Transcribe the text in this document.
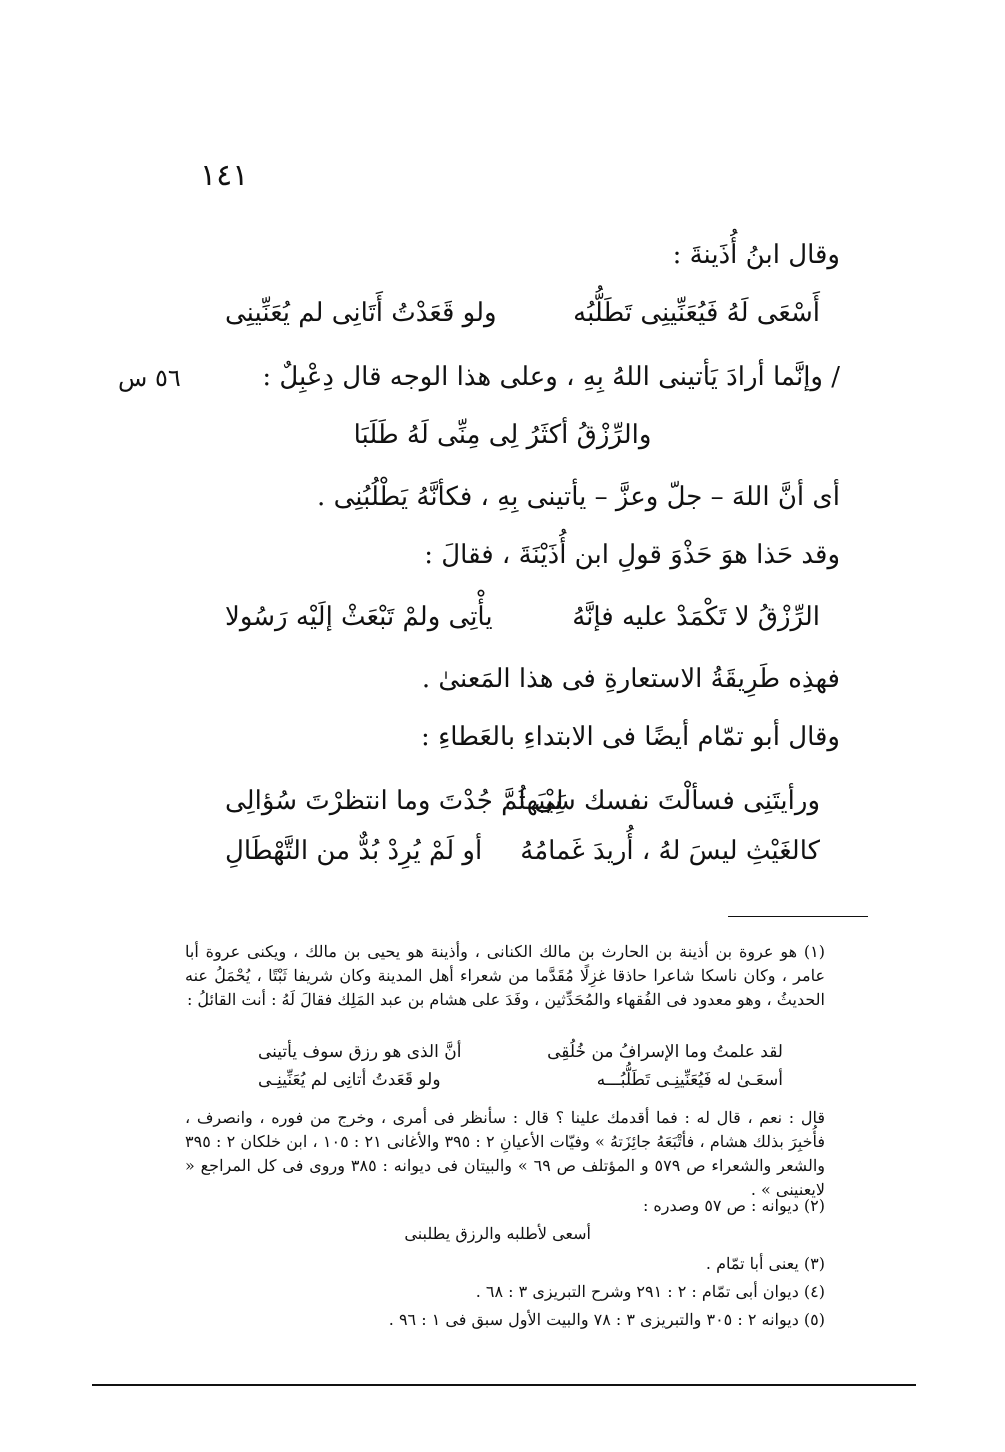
١٤١
٥٦ س
وقال ابنُ أُذَينةَ :
أَسْعَى لَهُ فَيُعَنِّينِى تَطَلُّبُه
ولو قَعَدْتُ أَتَانِى لم يُعَنِّينِى
/ وإنَّما أرادَ يَأتينى اللهُ بِهِ ، وعلى هذا الوجه قال دِعْبِلٌ :
والرِّزْقُ أكثَرُ لِى مِنِّى لَهُ طَلَبَا
أى أنَّ اللهَ – جلّ وعزَّ – يأتينى بِهِ ، فكأنَّهُ يَطْلُبُنِى .
وقد حَذا هوَ حَذْوَ قولِ ابن أُذَيْنَةَ ، فقالَ :
الرِّزْقُ لا تَكْمَدْ عليه فإنَّهُ
يأْتِى ولمْ تَبْعَثْ إلَيْه رَسُولا
فهذِه طَرِيقَةُ الاستعارةِ فى هذا المَعنىٰ .
وقال أبو تمّام أيضًا فى الابتداءِ بالعَطاءِ :
ورأيتَنِى فسألْتَ نفسك سَيْبَها
لِى ثُمَّ جُدْتَ وما انتظرْتَ سُؤالِى
كالغَيْثِ ليسَ لهُ ، أُريدَ غَمامُهُ
أو لَمْ يُرِدْ بُدٌّ من التَّهْطَالِ
(١) هو عروة بن أذينة بن الحارث بن مالك الكنانى ، وأذينة هو يحيى بن مالك ، ويكنى عروة أبا عامر ، وكان ناسكا شاعرا حاذقا غزِلًا مُقَدَّما من شعراء أهل المدينة وكان شريفا ثَبْتًا ، يُحْمَلُ عنه الحديثُ ، وهو معدود فى الفُقهاء والمُحَدِّثين ، وفَدَ على هشام بن عبد المَلِك فقالَ لَهُ : أنت القائلُ :
لقد علمتُ وما الإسرافُ من خُلُقِى
أنَّ الذى هو رزق سوف يأتينى
أسعَـىٰ له فَيُعَنِّينِـى تَطَلُّبُـــه
ولو قَعَدتُ أتانِى لم يُعَنِّينِـى
قال : نعم ، قال له : فما أقدمك علينا ؟ قال : سأنظر فى أمرى ، وخرج من فوره ، وانصرف ، فأُخبِرَ بذلك هشام ، فأتْبَعَهُ جائِزَتهُ » وفيّات الأعيانِ ٢ : ٣٩٥ والأغانى ٢١ : ١٠٥ ، ابن خلكان ٢ : ٣٩٥ والشعر والشعراء ص ٥٧٩ و المؤتلف ص ٦٩ » والبيتان فى ديوانه : ٣٨٥ وروى فى كل المراجع « لايعنينى » .
(٢) ديوانه : ص ٥٧ وصدره :
أسعى لأطلبه والرزق يطلبنى
(٣) يعنى أبا تمّام .
(٤) ديوان أبى تمّام : ٢ : ٢٩١ وشرح التبريزى ٣ : ٦٨ .
(٥) ديوانه ٢ : ٣٠٥ والتبريزى ٣ : ٧٨ والبيت الأول سبق فى ١ : ٩٦ .
